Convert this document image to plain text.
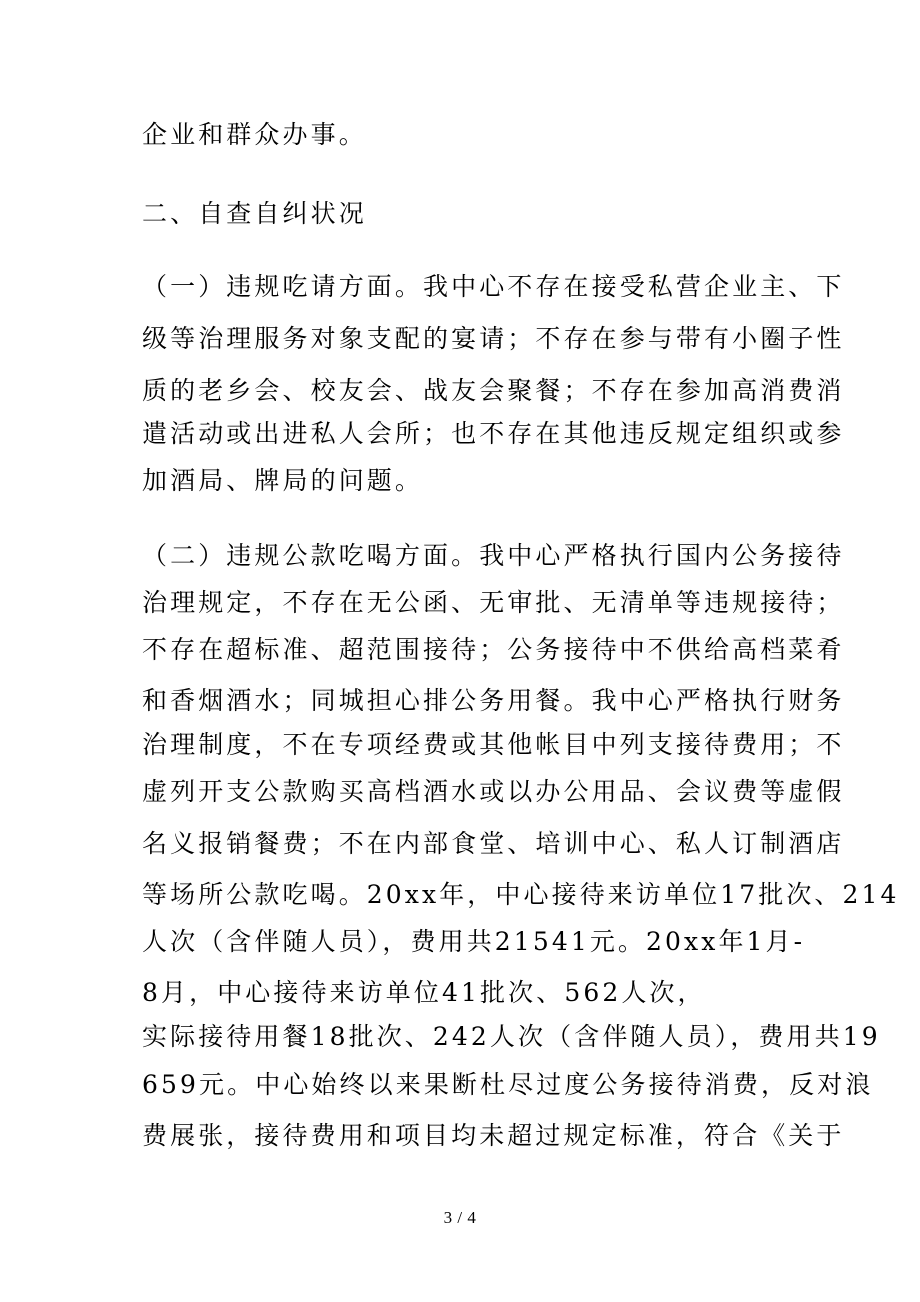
企业和群众办事。
二、自查自纠状况
（一）违规吃请方面。我中心不存在接受私营企业主、下
级等治理服务对象支配的宴请；不存在参与带有小圈子性
质的老乡会、校友会、战友会聚餐；不存在参加高消费消
遣活动或出进私人会所；也不存在其他违反规定组织或参
加酒局、牌局的问题。
（二）违规公款吃喝方面。我中心严格执行国内公务接待
治理规定，不存在无公函、无审批、无清单等违规接待；
不存在超标准、超范围接待；公务接待中不供给高档菜肴
和香烟酒水；同城担心排公务用餐。我中心严格执行财务
治理制度，不在专项经费或其他帐目中列支接待费用；不
虚列开支公款购买高档酒水或以办公用品、会议费等虚假
名义报销餐费；不在内部食堂、培训中心、私人订制酒店
等场所公款吃喝。20xx年，中心接待来访单位17批次、214
人次（含伴随人员），费用共21541元。20xx年1月-
8月，中心接待来访单位41批次、562人次，
实际接待用餐18批次、242人次（含伴随人员），费用共19
659元。中心始终以来果断杜尽过度公务接待消费，反对浪
费展张，接待费用和项目均未超过规定标准，符合《关于
3 / 4
